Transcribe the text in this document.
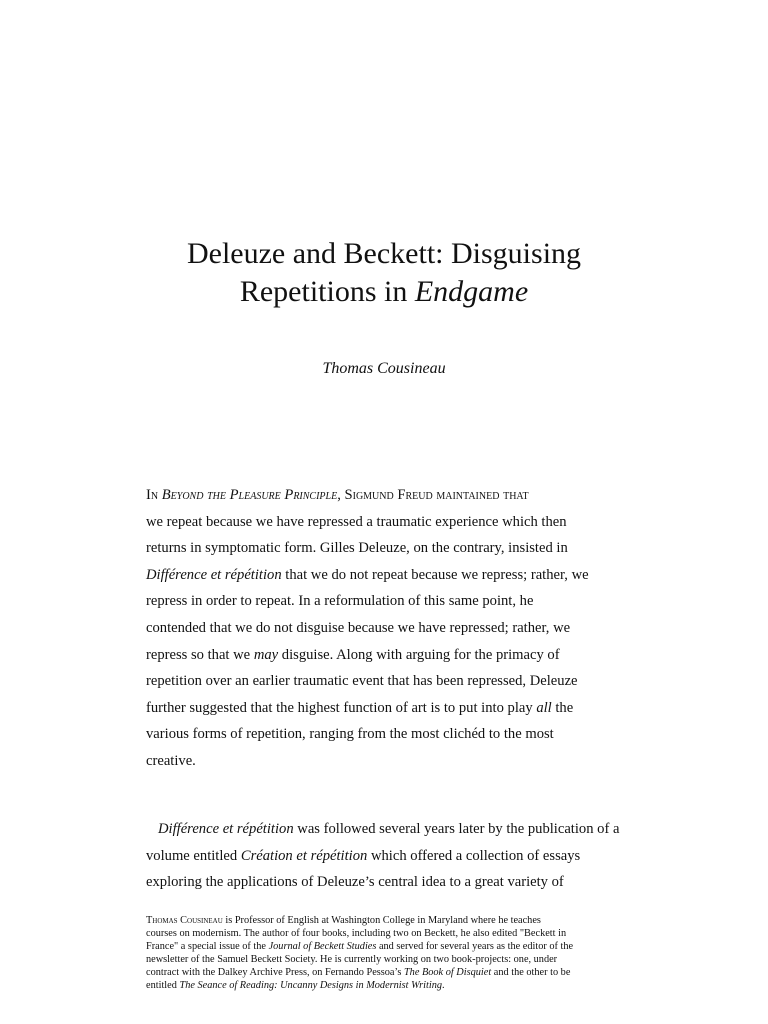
Deleuze and Beckett: Disguising
Repetitions in Endgame
Thomas Cousineau

In Beyond the Pleasure Principle, Sigmund Freud maintained that
we repeat because we have repressed a traumatic experience which then
returns in symptomatic form. Gilles Deleuze, on the contrary, insisted in
Différence et répétition that we do not repeat because we repress; rather, we
repress in order to repeat. In a reformulation of this same point, he
contended that we do not disguise because we have repressed; rather, we
repress so that we may disguise. Along with arguing for the primacy of
repetition over an earlier traumatic event that has been repressed, Deleuze
further suggested that the highest function of art is to put into play all the
various forms of repetition, ranging from the most clichéd to the most
creative.

Différence et répétition was followed several years later by the publication of a
volume entitled Création et répétition which offered a collection of essays
exploring the applications of Deleuze’s central idea to a great variety of

Thomas Cousineau is Professor of English at Washington College in Maryland where he teaches
courses on modernism. The author of four books, including two on Beckett, he also edited "Beckett in
France" a special issue of the Journal of Beckett Studies and served for several years as the editor of the
newsletter of the Samuel Beckett Society. He is currently working on two book-projects: one, under
contract with the Dalkey Archive Press, on Fernando Pessoa’s The Book of Disquiet and the other to be
entitled The Seance of Reading: Uncanny Designs in Modernist Writing.
